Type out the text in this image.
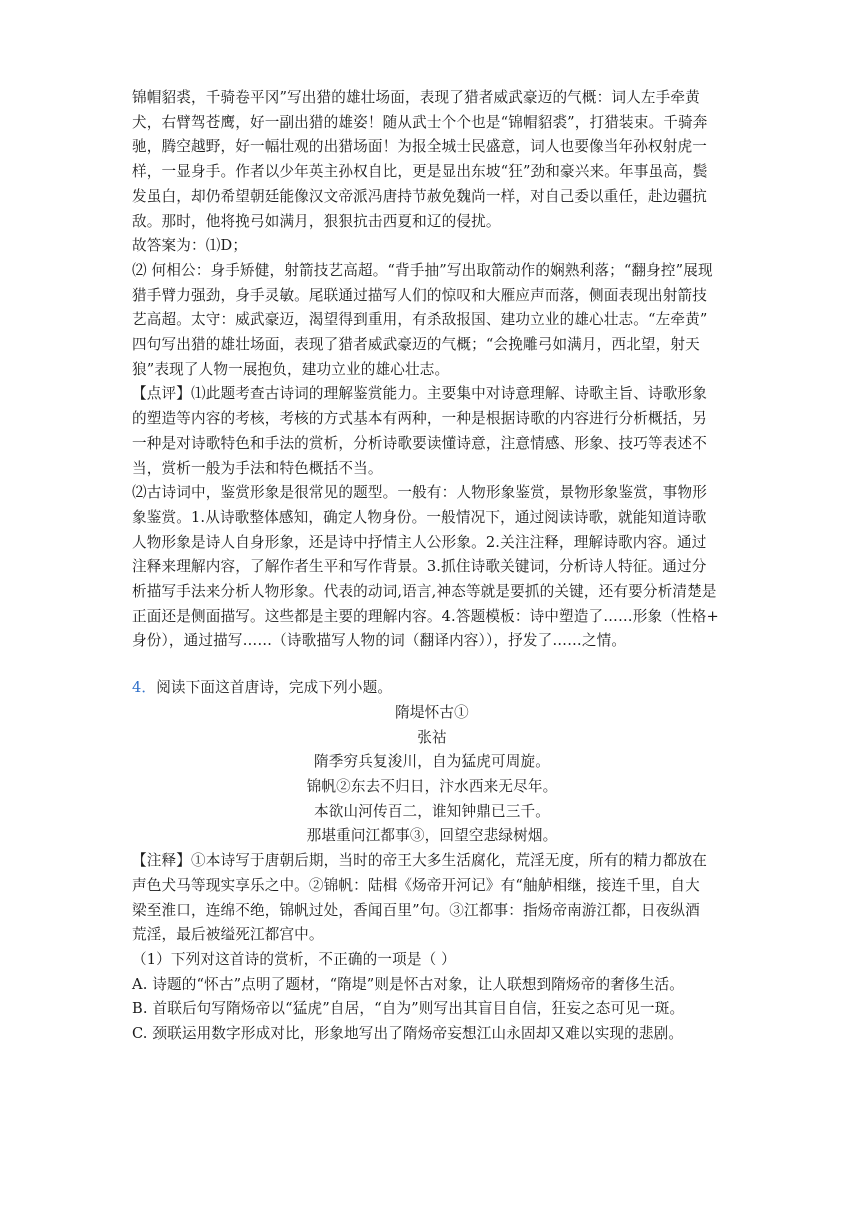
锦帽貂裘，千骑卷平冈”写出猎的雄壮场面，表现了猎者威武豪迈的气概：词人左手牵黄

犬，右臂驾苍鹰，好一副出猎的雄姿！随从武士个个也是“锦帽貂裘”，打猎装束。千骑奔

驰，腾空越野，好一幅壮观的出猎场面！为报全城士民盛意，词人也要像当年孙权射虎一

样，一显身手。作者以少年英主孙权自比，更是显出东坡“狂”劲和豪兴来。年事虽高，鬓

发虽白，却仍希望朝廷能像汉文帝派冯唐持节赦免魏尚一样，对自己委以重任，赴边疆抗

敌。那时，他将挽弓如满月，狠狠抗击西夏和辽的侵扰。

故答案为：⑴D；

⑵ 何相公：身手矫健，射箭技艺高超。“背手抽”写出取箭动作的娴熟利落；“翻身控”展现

猎手臂力强劲，身手灵敏。尾联通过描写人们的惊叹和大雁应声而落，侧面表现出射箭技

艺高超。太守：威武豪迈，渴望得到重用，有杀敌报国、建功立业的雄心壮志。“左牵黄”

四句写出猎的雄壮场面，表现了猎者威武豪迈的气概；“会挽雕弓如满月，西北望，射天

狼”表现了人物一展抱负，建功立业的雄心壮志。

【点评】⑴此题考查古诗词的理解鉴赏能力。主要集中对诗意理解、诗歌主旨、诗歌形象

的塑造等内容的考核，考核的方式基本有两种，一种是根据诗歌的内容进行分析概括，另

一种是对诗歌特色和手法的赏析，分析诗歌要读懂诗意，注意情感、形象、技巧等表述不

当，赏析一般为手法和特色概括不当。

⑵古诗词中，鉴赏形象是很常见的题型。一般有：人物形象鉴赏，景物形象鉴赏，事物形

象鉴赏。1.从诗歌整体感知，确定人物身份。一般情况下，通过阅读诗歌，就能知道诗歌

人物形象是诗人自身形象，还是诗中抒情主人公形象。2.关注注释，理解诗歌内容。通过

注释来理解内容，了解作者生平和写作背景。3.抓住诗歌关键词，分析诗人特征。通过分

析描写手法来分析人物形象。代表的动词,语言,神态等就是要抓的关键，还有要分析清楚是

正面还是侧面描写。这些都是主要的理解内容。4.答题模板：诗中塑造了……形象（性格+

身份），通过描写……（诗歌描写人物的词（翻译内容）），抒发了……之情。

4．阅读下面这首唐诗，完成下列小题。

隋堤怀古①

张祜

隋季穷兵复浚川，自为猛虎可周旋。

锦帆②东去不归日，汴水西来无尽年。

本欲山河传百二，谁知钟鼎已三千。

那堪重问江都事③，回望空悲绿树烟。

【注释】①本诗写于唐朝后期，当时的帝王大多生活腐化，荒淫无度，所有的精力都放在

声色犬马等现实享乐之中。②锦帆：陆楫《炀帝开河记》有“舳舻相继，接连千里，自大

梁至淮口，连绵不绝，锦帆过处，香闻百里”句。③江都事：指炀帝南游江都，日夜纵酒

荒淫，最后被缢死江都宫中。

（1）下列对这首诗的赏析，不正确的一项是（ ）

A. 诗题的“怀古”点明了题材，“隋堤”则是怀古对象，让人联想到隋炀帝的奢侈生活。

B. 首联后句写隋炀帝以“猛虎”自居，“自为”则写出其盲目自信，狂妄之态可见一斑。

C. 颈联运用数字形成对比，形象地写出了隋炀帝妄想江山永固却又难以实现的悲剧。
